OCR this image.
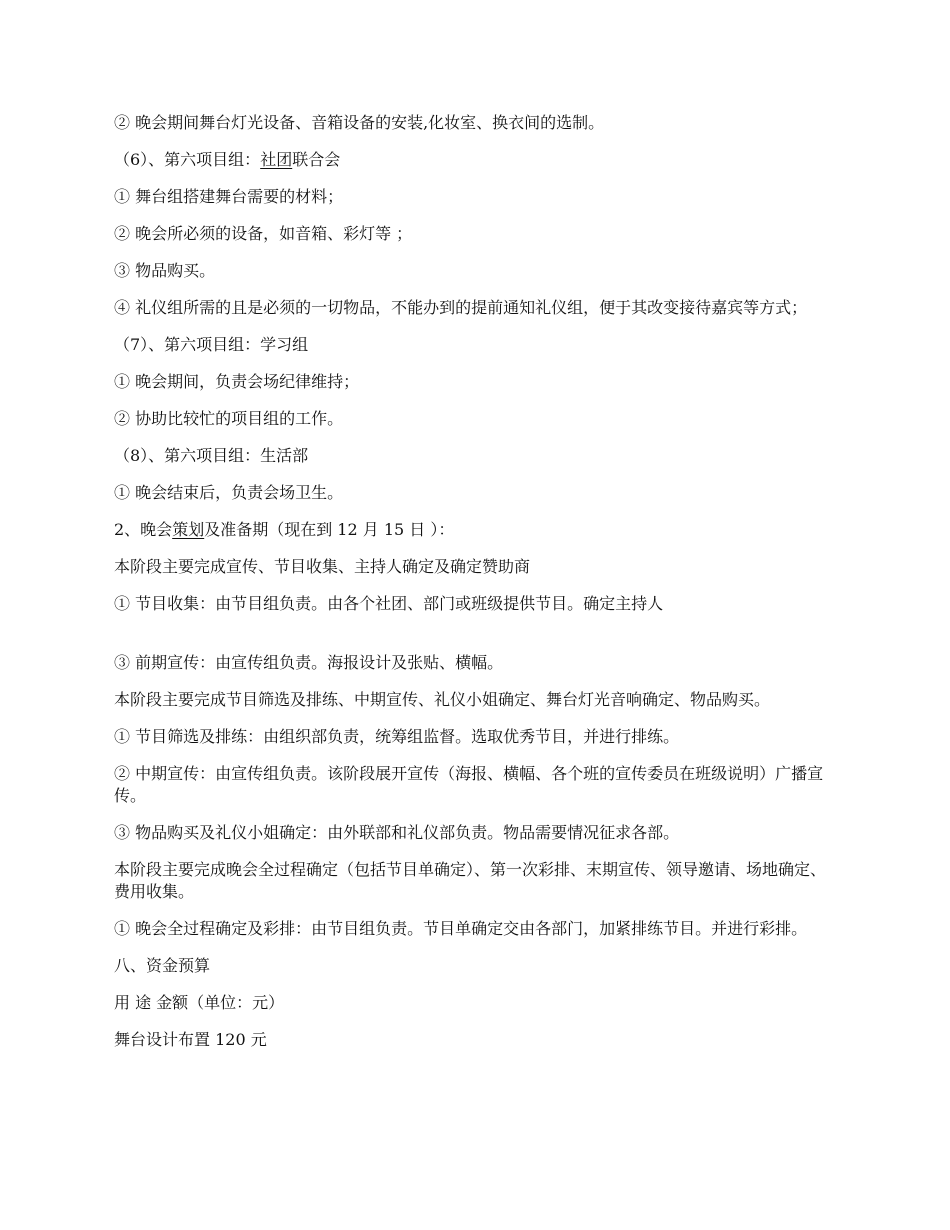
② 晚会期间舞台灯光设备、音箱设备的安装,化妆室、换衣间的选制。

（6）、第六项目组：社团联合会

① 舞台组搭建舞台需要的材料；

② 晚会所必须的设备，如音箱、彩灯等 ；

③ 物品购买。

④ 礼仪组所需的且是必须的一切物品，不能办到的提前通知礼仪组，便于其改变接待嘉宾等方式；

（7）、第六项目组：学习组

① 晚会期间，负责会场纪律维持；

② 协助比较忙的项目组的工作。

（8）、第六项目组：生活部

① 晚会结束后，负责会场卫生。

2、晚会策划及准备期（现在到 12 月 15 日 ）：

本阶段主要完成宣传、节目收集、主持人确定及确定赞助商

① 节目收集：由节目组负责。由各个社团、部门或班级提供节目。确定主持人

③ 前期宣传：由宣传组负责。海报设计及张贴、横幅。

本阶段主要完成节目筛选及排练、中期宣传、礼仪小姐确定、舞台灯光音响确定、物品购买。

① 节目筛选及排练：由组织部负责，统筹组监督。选取优秀节目，并进行排练。

② 中期宣传：由宣传组负责。该阶段展开宣传（海报、横幅、各个班的宣传委员在班级说明）广播宣传。

③ 物品购买及礼仪小姐确定：由外联部和礼仪部负责。物品需要情况征求各部。

本阶段主要完成晚会全过程确定（包括节目单确定）、第一次彩排、末期宣传、领导邀请、场地确定、费用收集。

① 晚会全过程确定及彩排：由节目组负责。节目单确定交由各部门，加紧排练节目。并进行彩排。

八、资金预算

用 途 金额（单位：元）

舞台设计布置 120 元
